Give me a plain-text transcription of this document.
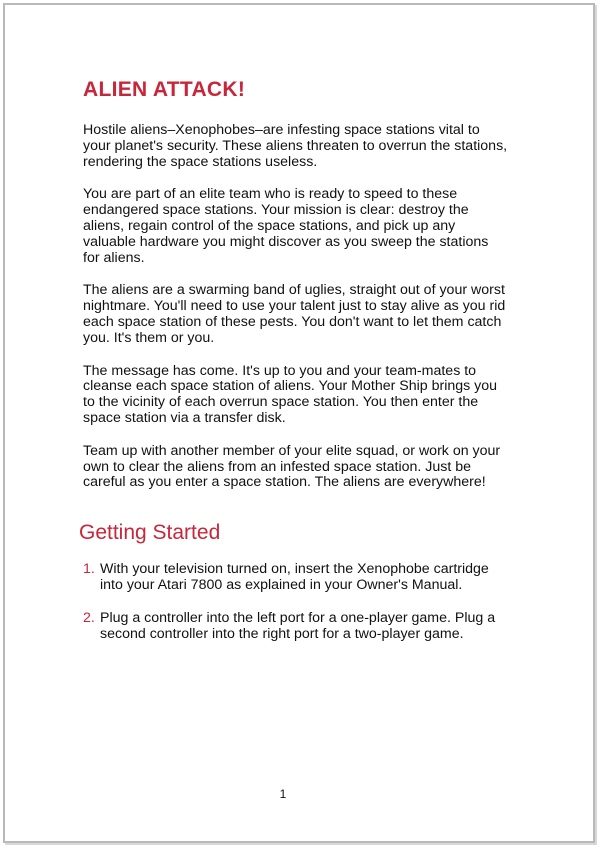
ALIEN ATTACK!

Hostile aliens–Xenophobes–are infesting space stations vital to your planet's security. These aliens threaten to overrun the stations, rendering the space stations useless.

You are part of an elite team who is ready to speed to these endangered space stations. Your mission is clear: destroy the aliens, regain control of the space stations, and pick up any valuable hardware you might discover as you sweep the stations for aliens.

The aliens are a swarming band of uglies, straight out of your worst nightmare. You'll need to use your talent just to stay alive as you rid each space station of these pests. You don't want to let them catch you. It's them or you.

The message has come. It's up to you and your team-mates to cleanse each space station of aliens. Your Mother Ship brings you to the vicinity of each overrun space station. You then enter the space station via a transfer disk.

Team up with another member of your elite squad, or work on your own to clear the aliens from an infested space station. Just be careful as you enter a space station. The aliens are everywhere!

Getting Started
1. With your television turned on, insert the Xenophobe cartridge into your Atari 7800 as explained in your Owner's Manual.
2. Plug a controller into the left port for a one-player game. Plug a second controller into the right port for a two-player game.
1
